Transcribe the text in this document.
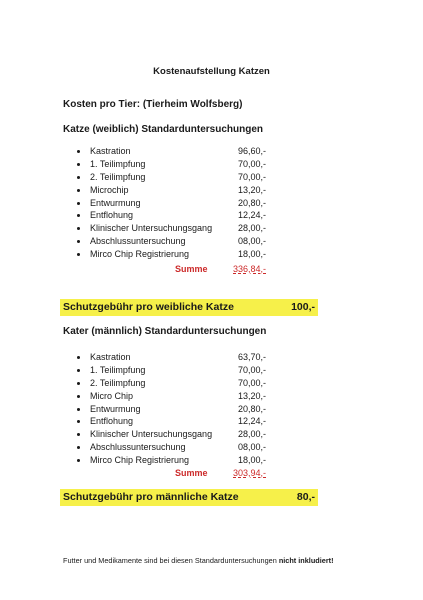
Kostenaufstellung Katzen
Kosten pro Tier: (Tierheim Wolfsberg)
Katze (weiblich) Standarduntersuchungen
Kastration	96,60,-
1. Teilimpfung	70,00,-
2. Teilimpfung	70,00,-
Microchip	13,20,-
Entwurmung	20,80,-
Entflohung	12,24,-
Klinischer Untersuchungsgang	28,00,-
Abschlussuntersuchung	08,00,-
Mirco Chip Registrierung	18,00,-
Summe	336,84,-
Schutzgebühr pro weibliche Katze	100,-
Kater (männlich) Standarduntersuchungen
Kastration	63,70,-
1. Teilimpfung	70,00,-
2. Teilimpfung	70,00,-
Micro Chip	13,20,-
Entwurmung	20,80,-
Entflohung	12,24,-
Klinischer Untersuchungsgang	28,00,-
Abschlussuntersuchung	08,00,-
Mirco Chip Registrierung	18,00,-
Summe	303,94,-
Schutzgebühr pro männliche Katze	80,-
Futter und Medikamente sind bei diesen Standarduntersuchungen nicht inkludiert!
